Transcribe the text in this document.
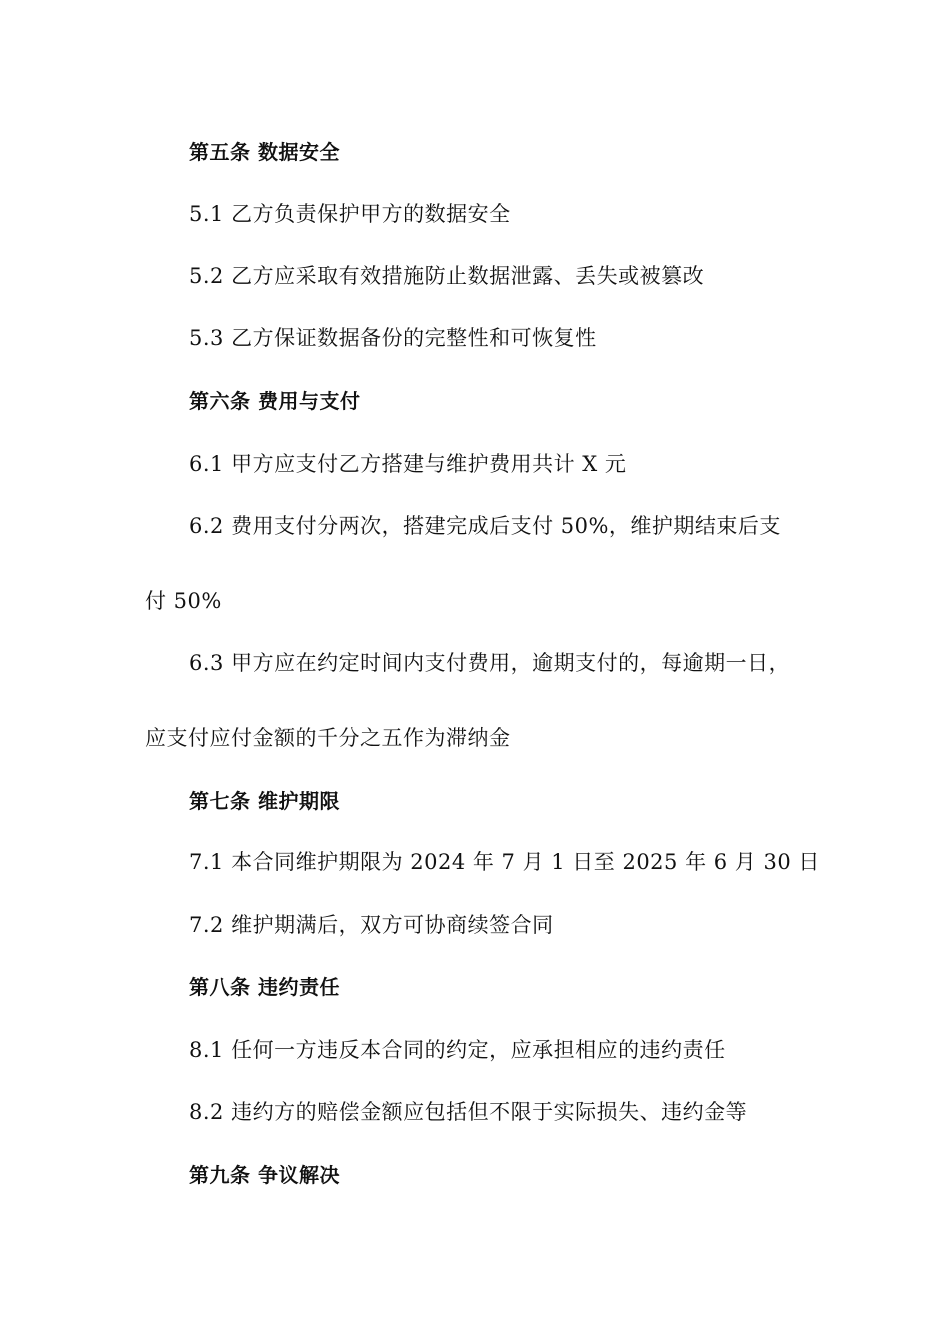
第五条 数据安全
5.1 乙方负责保护甲方的数据安全
5.2 乙方应采取有效措施防止数据泄露、丢失或被篡改
5.3 乙方保证数据备份的完整性和可恢复性
第六条 费用与支付
6.1 甲方应支付乙方搭建与维护费用共计 X 元
6.2 费用支付分两次，搭建完成后支付 50%，维护期结束后支
付 50%
6.3 甲方应在约定时间内支付费用，逾期支付的，每逾期一日，
应支付应付金额的千分之五作为滞纳金
第七条 维护期限
7.1 本合同维护期限为 2024 年 7 月 1 日至 2025 年 6 月 30 日
7.2 维护期满后，双方可协商续签合同
第八条 违约责任
8.1 任何一方违反本合同的约定，应承担相应的违约责任
8.2 违约方的赔偿金额应包括但不限于实际损失、违约金等
第九条 争议解决
